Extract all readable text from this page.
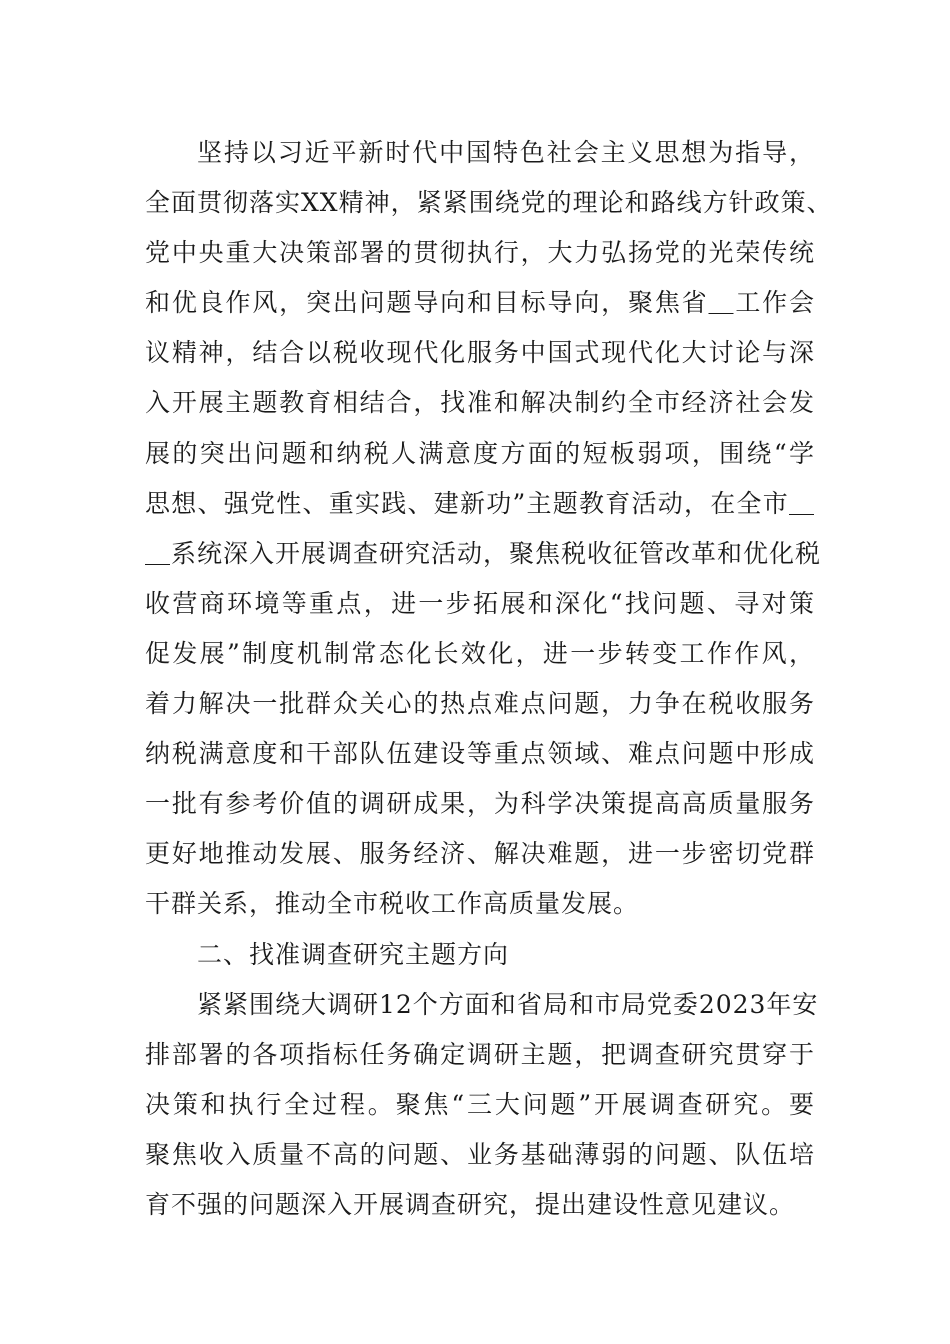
坚持以习近平新时代中国特色社会主义思想为指导，
全面贯彻落实XX精神，紧紧围绕党的理论和路线方针政策、
党中央重大决策部署的贯彻执行，大力弘扬党的光荣传统
和优良作风，突出问题导向和目标导向，聚焦省＿工作会
议精神，结合以税收现代化服务中国式现代化大讨论与深
入开展主题教育相结合，找准和解决制约全市经济社会发
展的突出问题和纳税人满意度方面的短板弱项，围绕“学
思想、强党性、重实践、建新功”主题教育活动，在全市＿
＿系统深入开展调查研究活动，聚焦税收征管改革和优化税
收营商环境等重点，进一步拓展和深化“找问题、寻对策
促发展”制度机制常态化长效化，进一步转变工作作风，
着力解决一批群众关心的热点难点问题，力争在税收服务
纳税满意度和干部队伍建设等重点领域、难点问题中形成
一批有参考价值的调研成果，为科学决策提高高质量服务
更好地推动发展、服务经济、解决难题，进一步密切党群
干群关系，推动全市税收工作高质量发展。
二、找准调查研究主题方向
紧紧围绕大调研12个方面和省局和市局党委2023年安
排部署的各项指标任务确定调研主题，把调查研究贯穿于
决策和执行全过程。聚焦“三大问题”开展调查研究。要
聚焦收入质量不高的问题、业务基础薄弱的问题、队伍培
育不强的问题深入开展调查研究，提出建设性意见建议。
